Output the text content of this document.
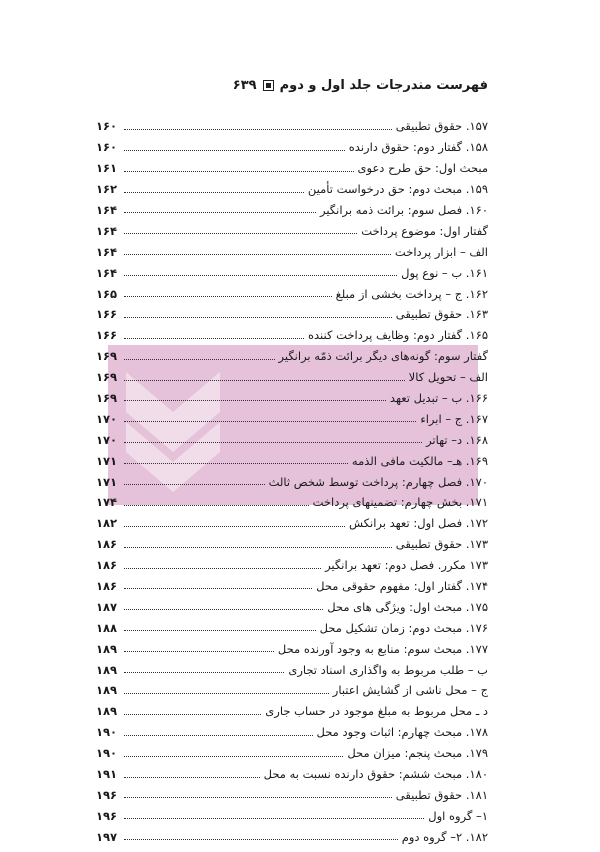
فهرست مندرجات جلد اول و دوم
۶۳۹
۱۵۷. حقوق تطبیقی
۱۶۰
۱۵۸. گفتار دوم: حقوق دارنده
۱۶۰
مبحث اول: حق طرح دعوی
۱۶۱
۱۵۹. مبحث دوم: حق درخواست تأمین
۱۶۲
۱۶۰. فصل سوم: برائت ذمه برانگیر
۱۶۴
گفتار اول: موضوع پرداخت
۱۶۴
الف – ابزار پرداخت
۱۶۴
۱۶۱. ب – نوع پول
۱۶۴
۱۶۲. ج – پرداخت بخشی از مبلغ
۱۶۵
۱۶۳. حقوق تطبیقی
۱۶۶
۱۶۵. گفتار دوم: وظایف پرداخت کننده
۱۶۶
گفتار سوم: گونه‌های دیگر برائت ذمّه برانگیر
۱۶۹
الف – تحویل کالا
۱۶۹
۱۶۶. ب – تبدیل تعهد
۱۶۹
۱۶۷. ج – ابراء
۱۷۰
۱۶۸. د– تهاتر
۱۷۰
۱۶۹. هـ– مالکیت مافی الذمه
۱۷۱
۱۷۰. فصل چهارم: پرداخت توسط شخص ثالث
۱۷۱
۱۷۱. بخش چهارم: تضمینهای پرداخت
۱۷۴
۱۷۲. فصل اول: تعهد برانکش
۱۸۲
۱۷۳. حقوق تطبیقی
۱۸۶
۱۷۳ مکرر. فصل دوم: تعهد برانگیر
۱۸۶
۱۷۴. گفتار اول: مفهوم حقوقی محل
۱۸۶
۱۷۵. مبحث اول: ویژگی های محل
۱۸۷
۱۷۶. مبحث دوم: زمان تشکیل محل
۱۸۸
۱۷۷. مبحث سوم: منابع به وجود آورنده محل
۱۸۹
ب – طلب مربوط به واگذاری اسناد تجاری
۱۸۹
ج – محل ناشی از گشایش اعتبار
۱۸۹
د ـ محل مربوط به مبلغ موجود در حساب جاری
۱۸۹
۱۷۸. مبحث چهارم: اثبات وجود محل
۱۹۰
۱۷۹. مبحث پنجم: میزان محل
۱۹۰
۱۸۰. مبحث ششم: حقوق دارنده نسبت به محل
۱۹۱
۱۸۱. حقوق تطبیقی
۱۹۶
۱– گروه اول
۱۹۶
۱۸۲. ۲– گروه دوم
۱۹۷
